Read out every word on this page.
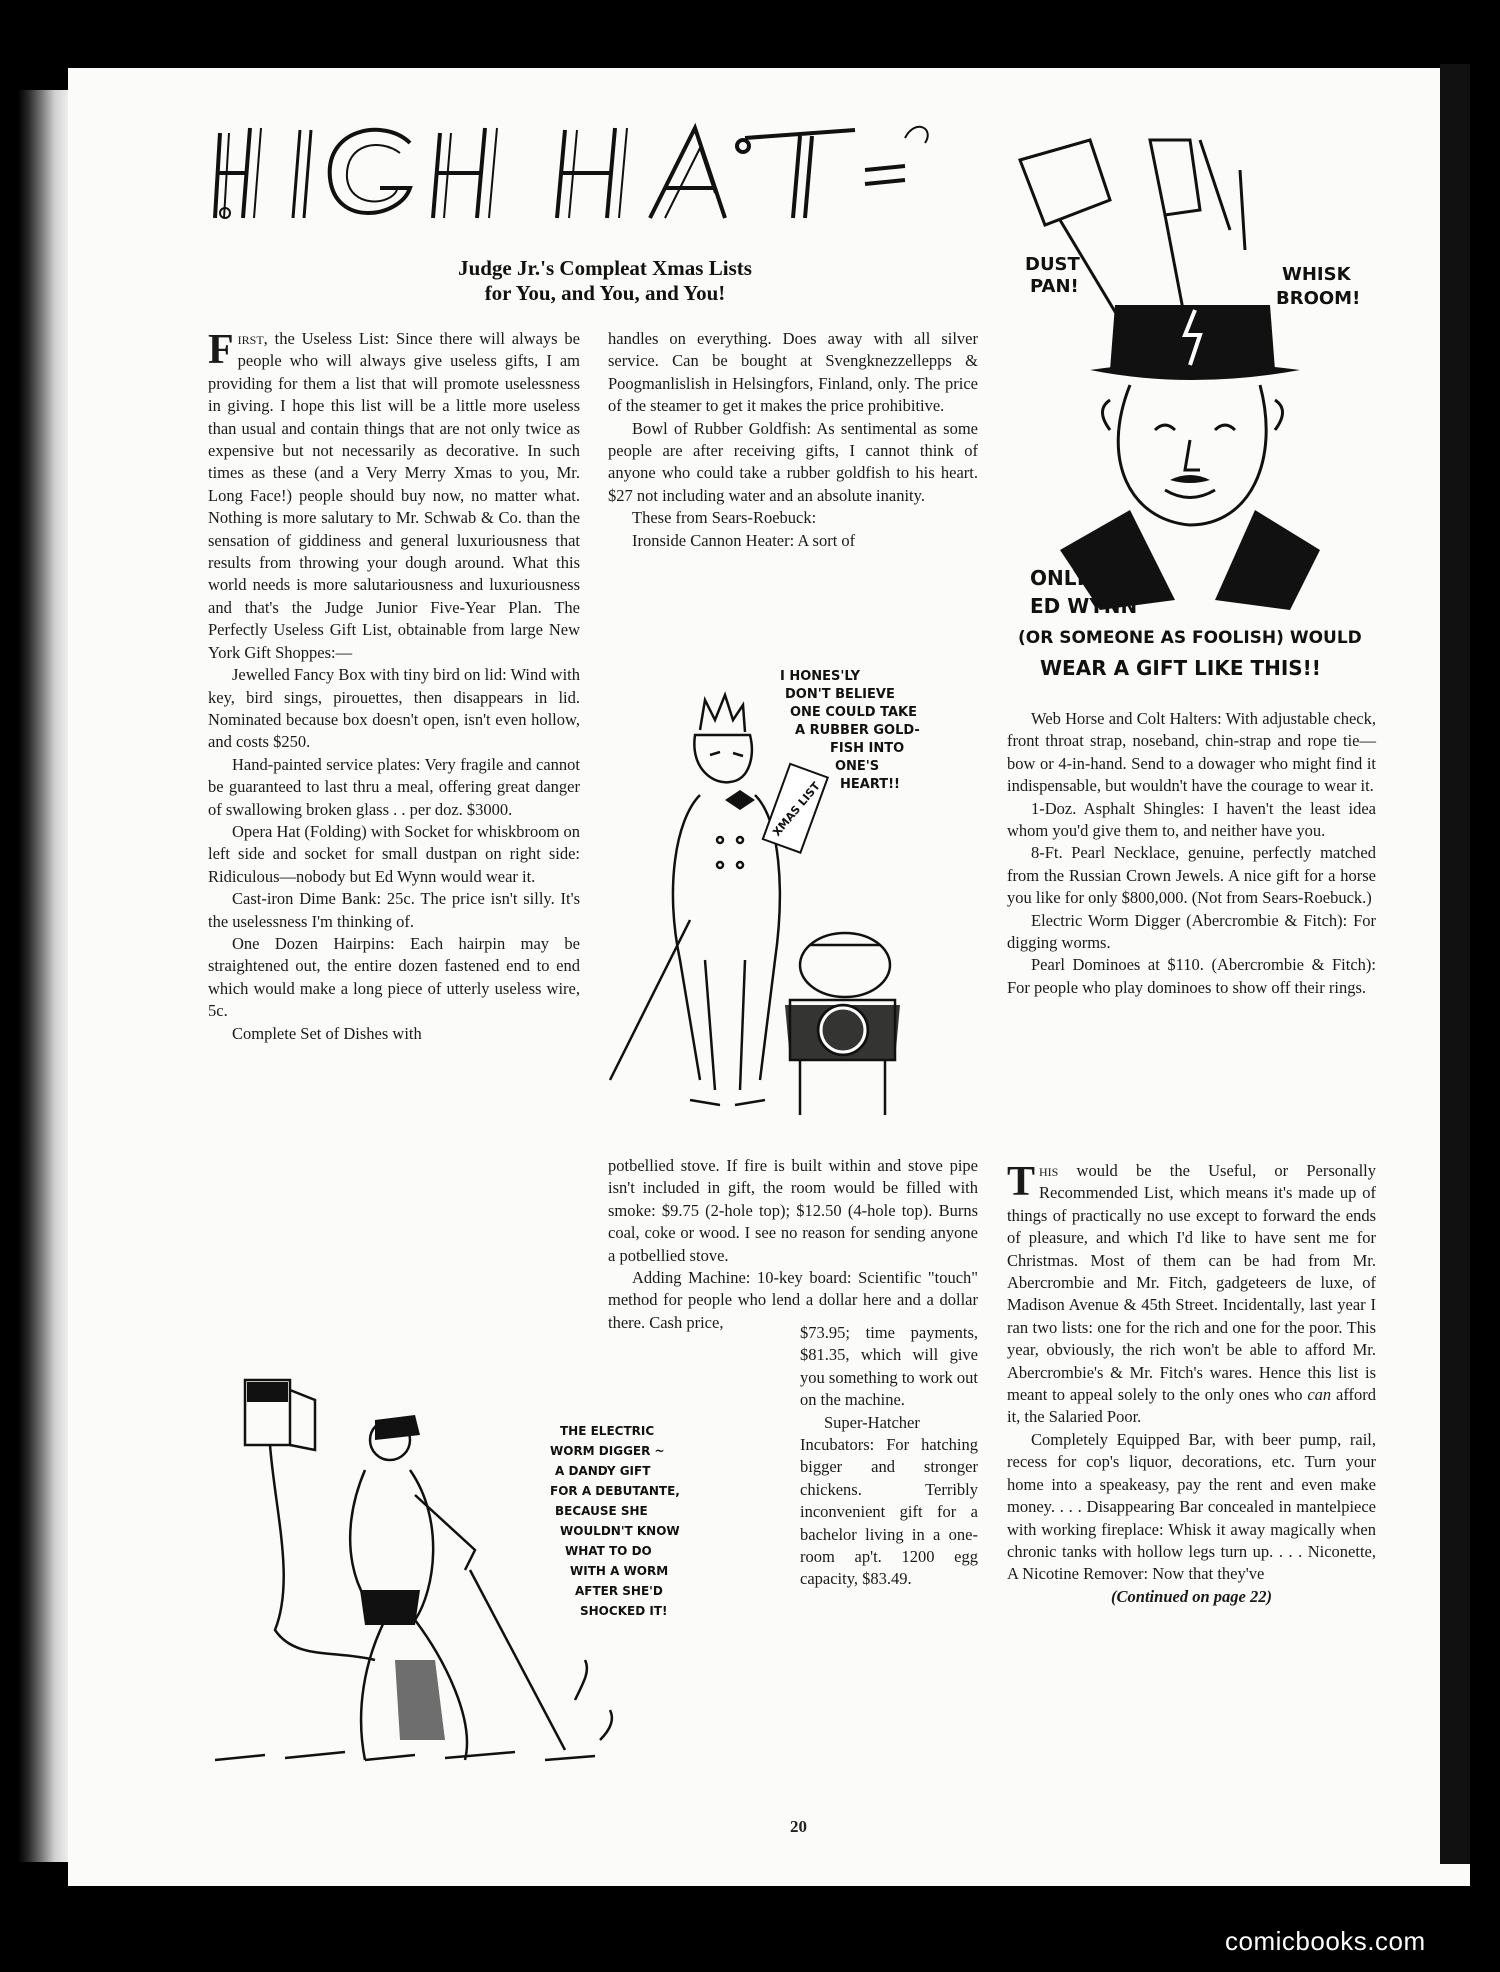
Judge Jr.'s Compleat Xmas Lists
for You, and You, and You!

First, the Useless List: Since there will always be people who will always give useless gifts, I am providing for them a list that will promote uselessness in giving. I hope this list will be a little more useless than usual and contain things that are not only twice as expensive but not necessarily as decorative. In such times as these (and a Very Merry Xmas to you, Mr. Long Face!) people should buy now, no matter what. Nothing is more salutary to Mr. Schwab & Co. than the sensation of giddiness and general luxuriousness that results from throwing your dough around. What this world needs is more salutariousness and luxuriousness and that's the Judge Junior Five-Year Plan. The Perfectly Useless Gift List, obtainable from large New York Gift Shoppes:—

Jewelled Fancy Box with tiny bird on lid: Wind with key, bird sings, pirouettes, then disappears in lid. Nominated because box doesn't open, isn't even hollow, and costs $250.

Hand-painted service plates: Very fragile and cannot be guaranteed to last thru a meal, offering great danger of swallowing broken glass . . per doz. $3000.

Opera Hat (Folding) with Socket for whiskbroom on left side and socket for small dustpan on right side: Ridiculous—nobody but Ed Wynn would wear it.

Cast-iron Dime Bank: 25c. The price isn't silly. It's the uselessness I'm thinking of.

One Dozen Hairpins: Each hairpin may be straightened out, the entire dozen fastened end to end which would make a long piece of utterly useless wire, 5c.

Complete Set of Dishes with

handles on everything. Does away with all silver service. Can be bought at Svengknezzellepps & Poogmanlislish in Helsingfors, Finland, only. The price of the steamer to get it makes the price prohibitive.

Bowl of Rubber Goldfish: As sentimental as some people are after receiving gifts, I cannot think of anyone who could take a rubber goldfish to his heart. $27 not including water and an absolute inanity.

These from Sears-Roebuck:

Ironside Cannon Heater: A sort of

potbellied stove. If fire is built within and stove pipe isn't included in gift, the room would be filled with smoke: $9.75 (2-hole top); $12.50 (4-hole top). Burns coal, coke or wood. I see no reason for sending anyone a potbellied stove.

Adding Machine: 10-key board: Scientific "touch" method for people who lend a dollar here and a dollar there. Cash price,

$73.95; time payments, $81.35, which will give you something to work out on the machine.

Super-Hatcher Incubators: For hatching bigger and stronger chickens. Terribly inconvenient gift for a bachelor living in a one-room ap't. 1200 egg capacity, $83.49.

Web Horse and Colt Halters: With adjustable check, front throat strap, noseband, chin-strap and rope tie—bow or 4-in-hand. Send to a dowager who might find it indispensable, but wouldn't have the courage to wear it.

1-Doz. Asphalt Shingles: I haven't the least idea whom you'd give them to, and neither have you.

8-Ft. Pearl Necklace, genuine, perfectly matched from the Russian Crown Jewels. A nice gift for a horse you like for only $800,000. (Not from Sears-Roebuck.)

Electric Worm Digger (Abercrombie & Fitch): For digging worms.

Pearl Dominoes at $110. (Abercrombie & Fitch): For people who play dominoes to show off their rings.

This would be the Useful, or Personally Recommended List, which means it's made up of things of practically no use except to forward the ends of pleasure, and which I'd like to have sent me for Christmas. Most of them can be had from Mr. Abercrombie and Mr. Fitch, gadgeteers de luxe, of Madison Avenue & 45th Street. Incidentally, last year I ran two lists: one for the rich and one for the poor. This year, obviously, the rich won't be able to afford Mr. Abercrombie's & Mr. Fitch's wares. Hence this list is meant to appeal solely to the only ones who can afford it, the Salaried Poor.

Completely Equipped Bar, with beer pump, rail, recess for cop's liquor, decorations, etc. Turn your home into a speakeasy, pay the rent and even make money. . . . Disappearing Bar concealed in mantelpiece with working fireplace: Whisk it away magically when chronic tanks with hollow legs turn up. . . . Niconette, A Nicotine Remover: Now that they've

(Continued on page 22)

DUST PAN!
WHISK BROOM!
ONLY ED WYNN (OR SOMEONE AS FOOLISH) WOULD WEAR A GIFT LIKE THIS!!
XMAS LIST
I HONES'LY DON'T BELIEVE ONE COULD TAKE A RUBBER GOLD- FISH INTO ONE'S HEART!!
THE ELECTRIC WORM DIGGER ~ A DANDY GIFT FOR A DEBUTANTE, BECAUSE SHE WOULDN'T KNOW WHAT TO DO WITH A WORM AFTER SHE'D SHOCKED IT!
20
comicbooks.com
